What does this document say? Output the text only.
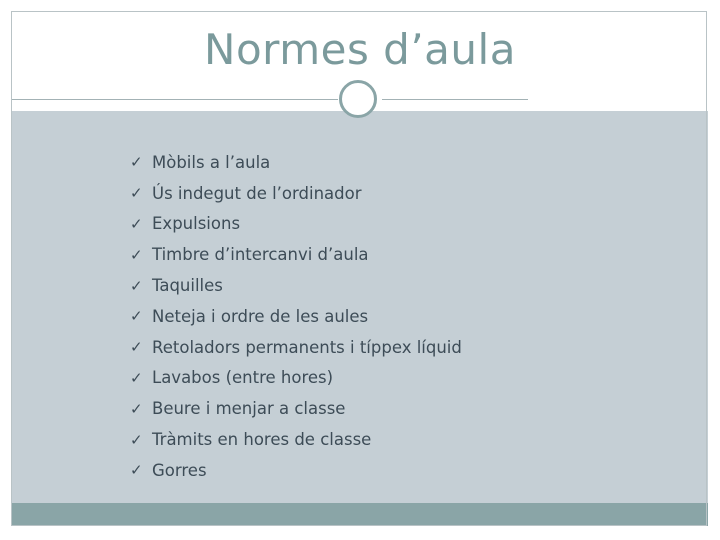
Normes d’aula
✓ Mòbils a l’aula
✓ Ús indegut de l’ordinador
✓ Expulsions
✓ Timbre d’intercanvi d’aula
✓ Taquilles
✓ Neteja i ordre de les aules
✓ Retoladors permanents i típpex líquid
✓ Lavabos (entre hores)
✓ Beure i menjar a classe
✓ Tràmits en hores de classe
✓ Gorres
